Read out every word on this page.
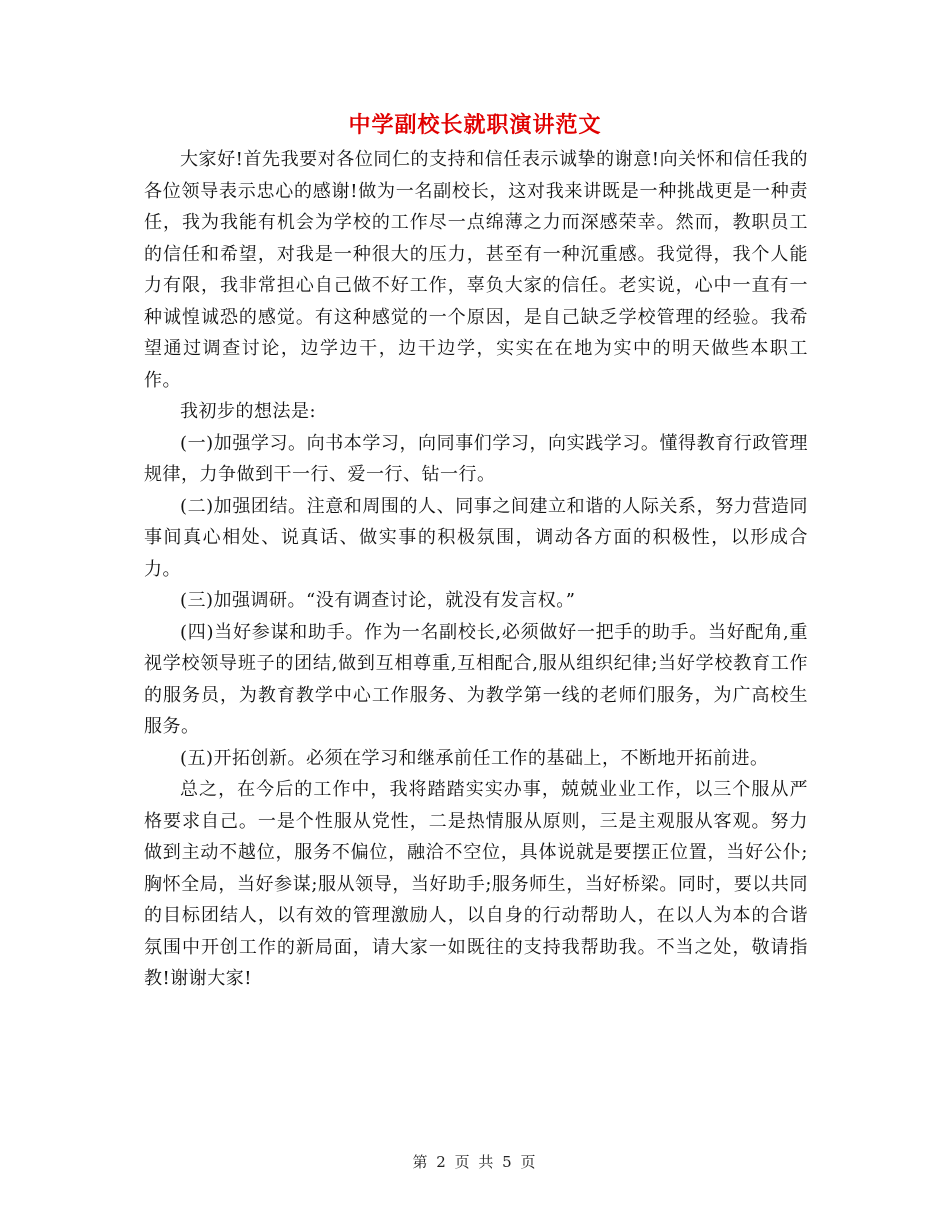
中学副校长就职演讲范文

大家好!首先我要对各位同仁的支持和信任表示诚挚的谢意!向关怀和信任我的各位领导表示忠心的感谢!做为一名副校长，这对我来讲既是一种挑战更是一种责任，我为我能有机会为学校的工作尽一点绵薄之力而深感荣幸。然而，教职员工的信任和希望，对我是一种很大的压力，甚至有一种沉重感。我觉得，我个人能力有限，我非常担心自己做不好工作，辜负大家的信任。老实说，心中一直有一种诚惶诚恐的感觉。有这种感觉的一个原因，是自己缺乏学校管理的经验。我希望通过调查讨论，边学边干，边干边学，实实在在地为实中的明天做些本职工作。

我初步的想法是:

(一)加强学习。向书本学习，向同事们学习，向实践学习。懂得教育行政管理规律，力争做到干一行、爱一行、钻一行。

(二)加强团结。注意和周围的人、同事之间建立和谐的人际关系，努力营造同事间真心相处、说真话、做实事的积极氛围，调动各方面的积极性，以形成合力。

(三)加强调研。“没有调查讨论，就没有发言权。”

(四)当好参谋和助手。作为一名副校长,必须做好一把手的助手。当好配角,重视学校领导班子的团结,做到互相尊重,互相配合,服从组织纪律;当好学校教育工作的服务员，为教育教学中心工作服务、为教学第一线的老师们服务，为广高校生服务。

(五)开拓创新。必须在学习和继承前任工作的基础上，不断地开拓前进。

总之，在今后的工作中，我将踏踏实实办事，兢兢业业工作，以三个服从严格要求自己。一是个性服从党性，二是热情服从原则，三是主观服从客观。努力做到主动不越位，服务不偏位，融洽不空位，具体说就是要摆正位置，当好公仆;胸怀全局，当好参谋;服从领导，当好助手;服务师生，当好桥梁。同时，要以共同的目标团结人，以有效的管理激励人，以自身的行动帮助人，在以人为本的合谐氛围中开创工作的新局面，请大家一如既往的支持我帮助我。不当之处，敬请指教!谢谢大家!

第 2 页 共 5 页
